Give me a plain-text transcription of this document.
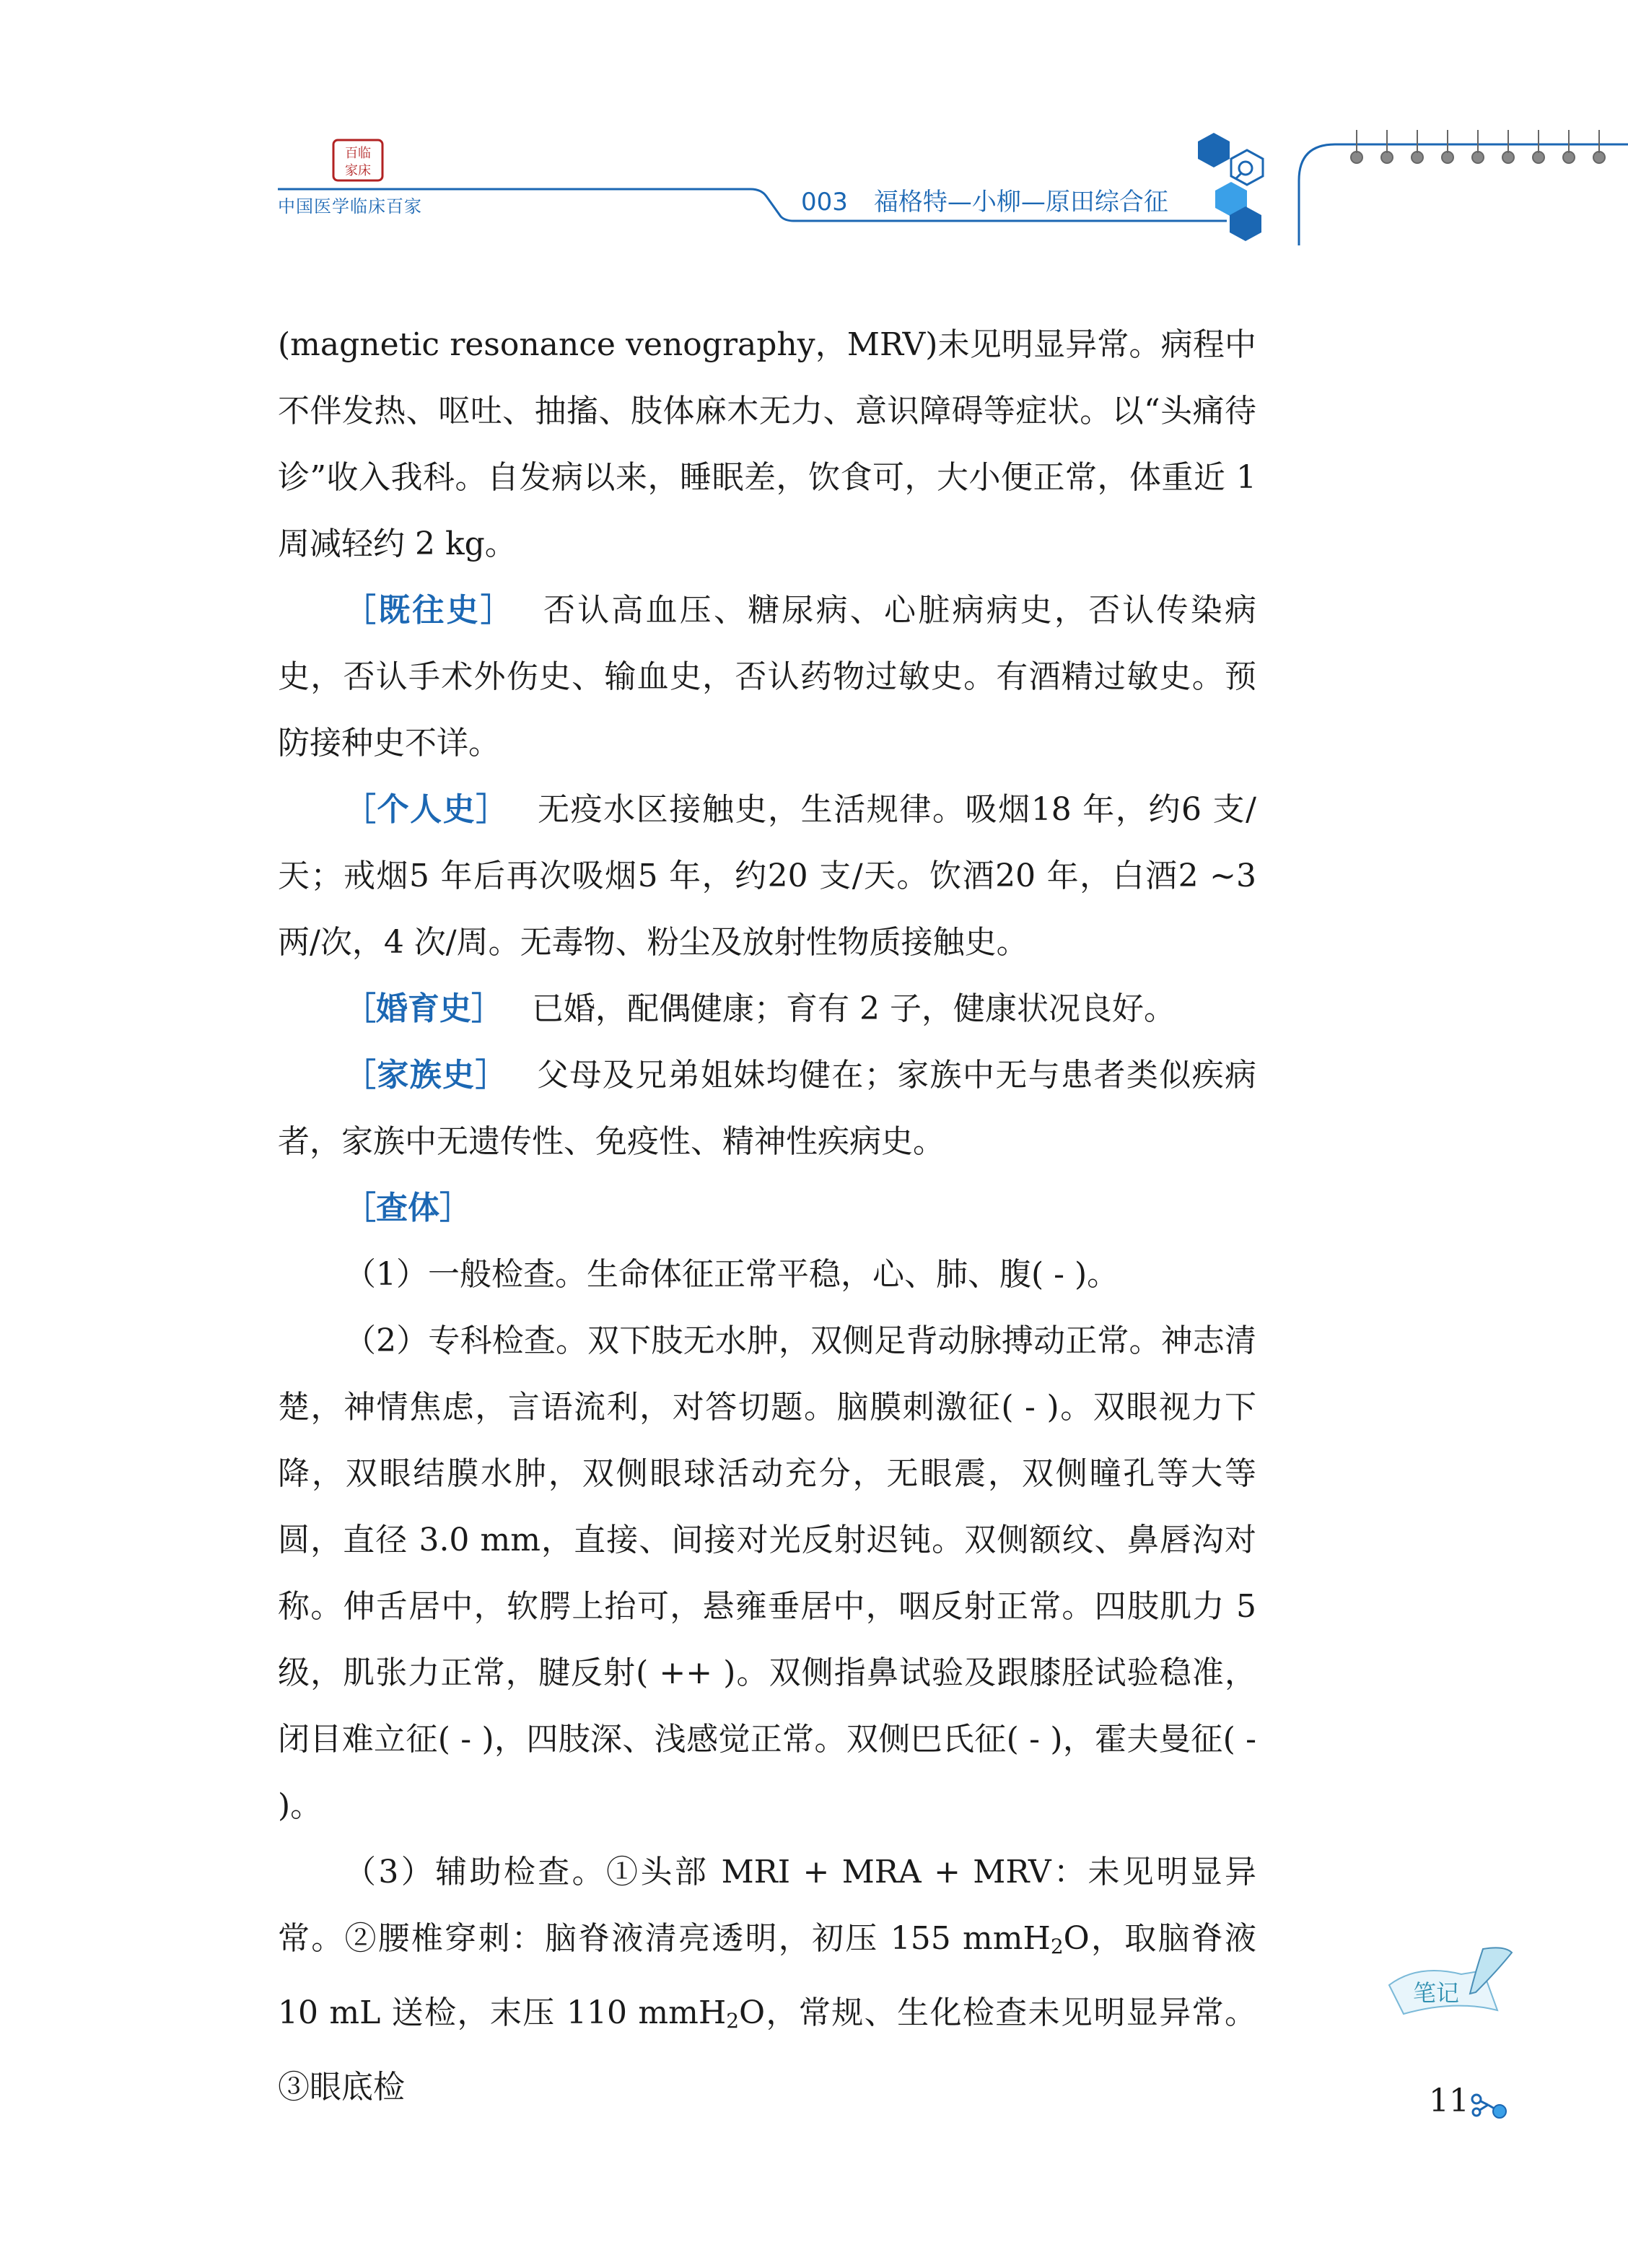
百临
家床
中国医学临床百家	003 福格特—小柳—原田综合征

(magnetic resonance venography，MRV)未见明显异常。病程中不伴发热、呕吐、抽搐、肢体麻木无力、意识障碍等症状。以“头痛待诊”收入我科。自发病以来，睡眠差，饮食可，大小便正常，体重近 1 周减轻约 2 kg。

［既往史］ 否认高血压、糖尿病、心脏病病史，否认传染病史，否认手术外伤史、输血史，否认药物过敏史。有酒精过敏史。预防接种史不详。

［个人史］ 无疫水区接触史，生活规律。吸烟18 年，约6 支/天；戒烟5 年后再次吸烟5 年，约20 支/天。饮酒20 年，白酒2 ~3 两/次，4 次/周。无毒物、粉尘及放射性物质接触史。

［婚育史］ 已婚，配偶健康；育有 2 子，健康状况良好。

［家族史］ 父母及兄弟姐妹均健在；家族中无与患者类似疾病者，家族中无遗传性、免疫性、精神性疾病史。

［查体］

（1）一般检查。生命体征正常平稳，心、肺、腹( - )。

（2）专科检查。双下肢无水肿，双侧足背动脉搏动正常。神志清楚，神情焦虑，言语流利，对答切题。脑膜刺激征( - )。双眼视力下降，双眼结膜水肿，双侧眼球活动充分，无眼震，双侧瞳孔等大等圆，直径 3.0 mm，直接、间接对光反射迟钝。双侧额纹、鼻唇沟对称。伸舌居中，软腭上抬可，悬雍垂居中，咽反射正常。四肢肌力 5 级，肌张力正常，腱反射( ++ )。双侧指鼻试验及跟膝胫试验稳准，闭目难立征( - )，四肢深、浅感觉正常。双侧巴氏征( - )，霍夫曼征( - )。

（3）辅助检查。①头部 MRI + MRA + MRV：未见明显异常。②腰椎穿刺：脑脊液清亮透明，初压 155 mmH$_2$O，取脑脊液 10 mL 送检，末压 110 mmH$_2$O，常规、生化检查未见明显异常。③眼底检

笔记
11
